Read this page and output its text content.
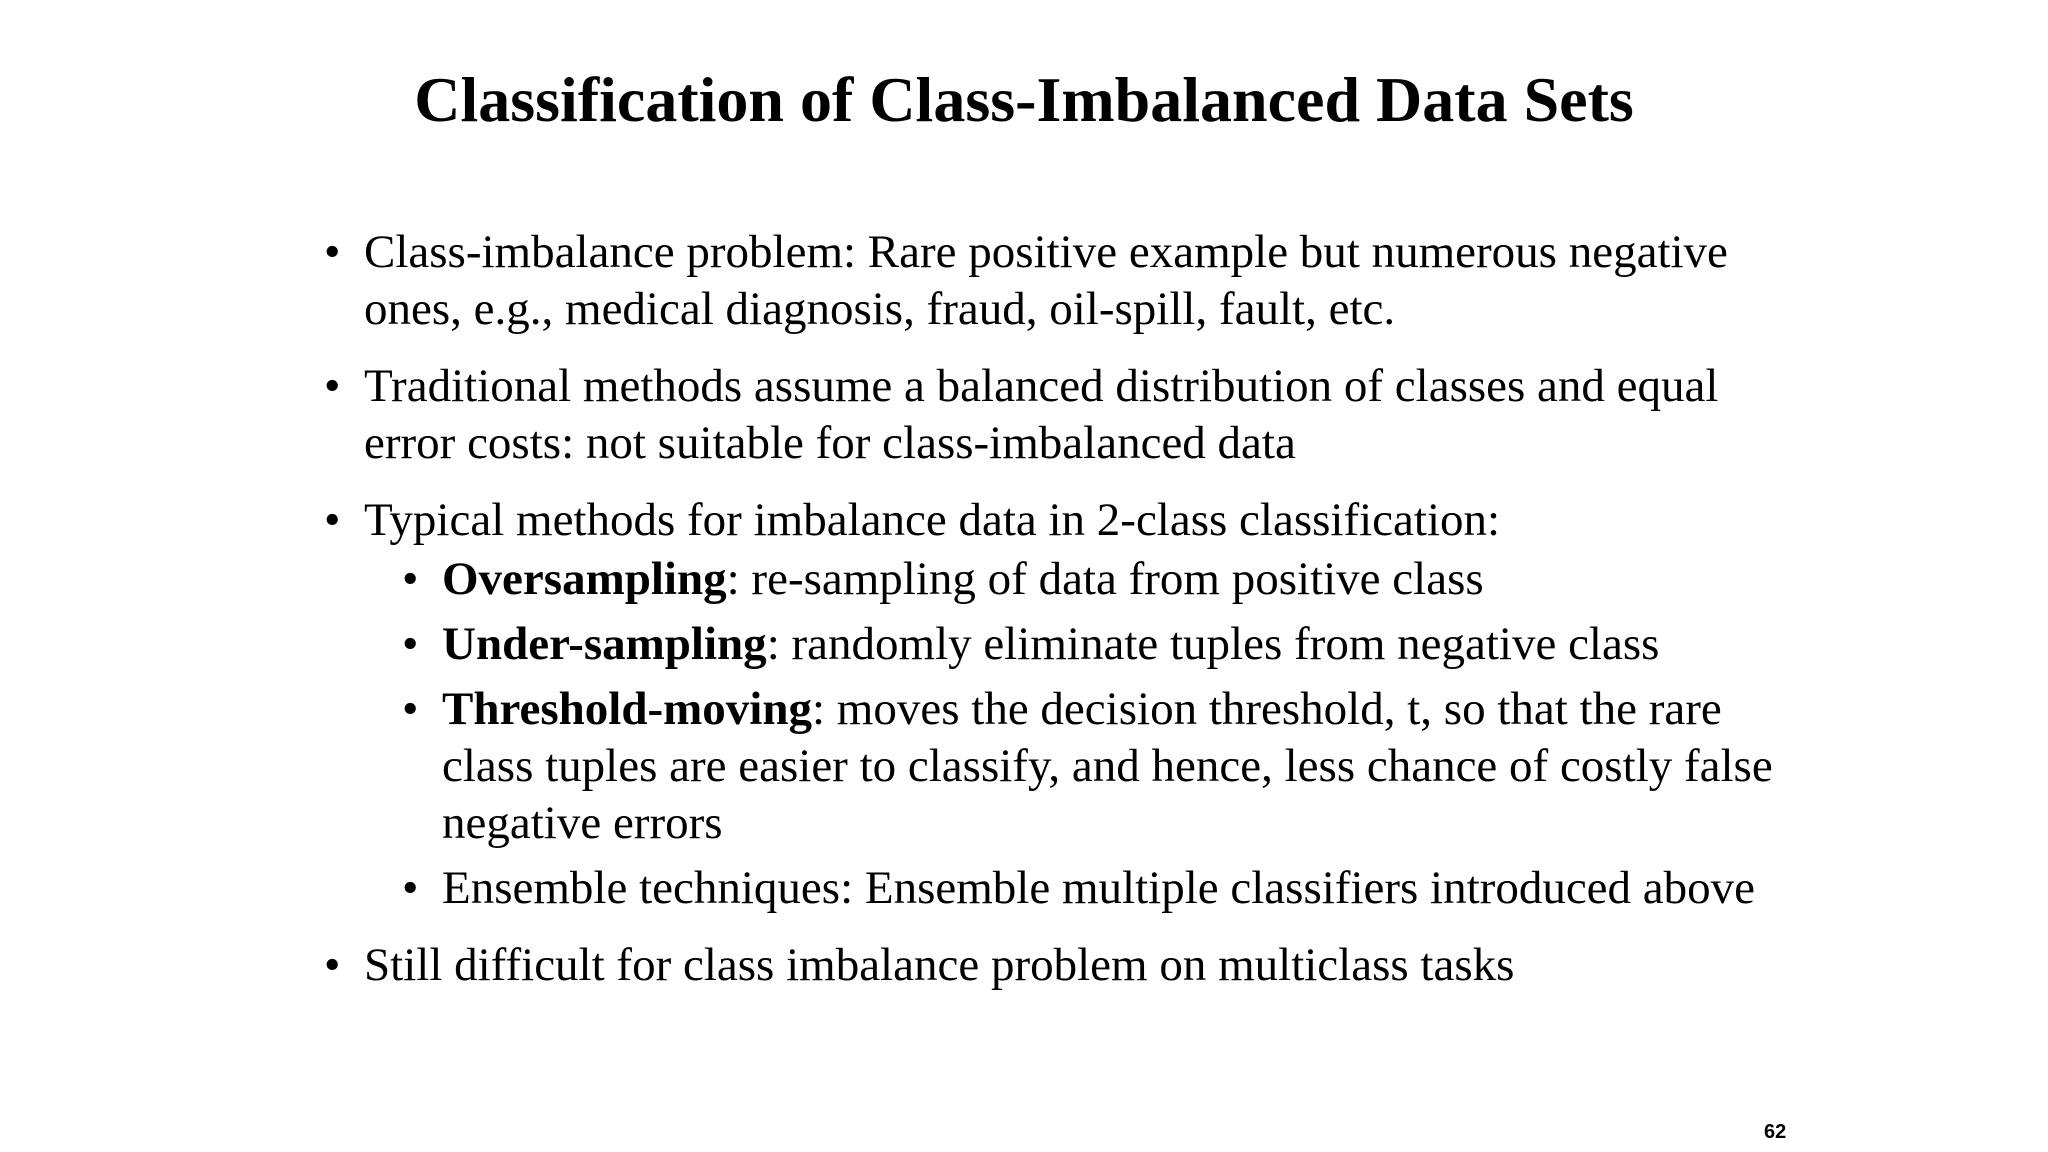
Classification of Class-Imbalanced Data Sets
• Class-imbalance problem: Rare positive example but numerous negative ones, e.g., medical diagnosis, fraud, oil-spill, fault, etc.
• Traditional methods assume a balanced distribution of classes and equal error costs: not suitable for class-imbalanced data
• Typical methods for imbalance data in 2-class classification:
• Oversampling: re-sampling of data from positive class
• Under-sampling: randomly eliminate tuples from negative class
• Threshold-moving: moves the decision threshold, t, so that the rare class tuples are easier to classify, and hence, less chance of costly false negative errors
• Ensemble techniques: Ensemble multiple classifiers introduced above
• Still difficult for class imbalance problem on multiclass tasks
62
